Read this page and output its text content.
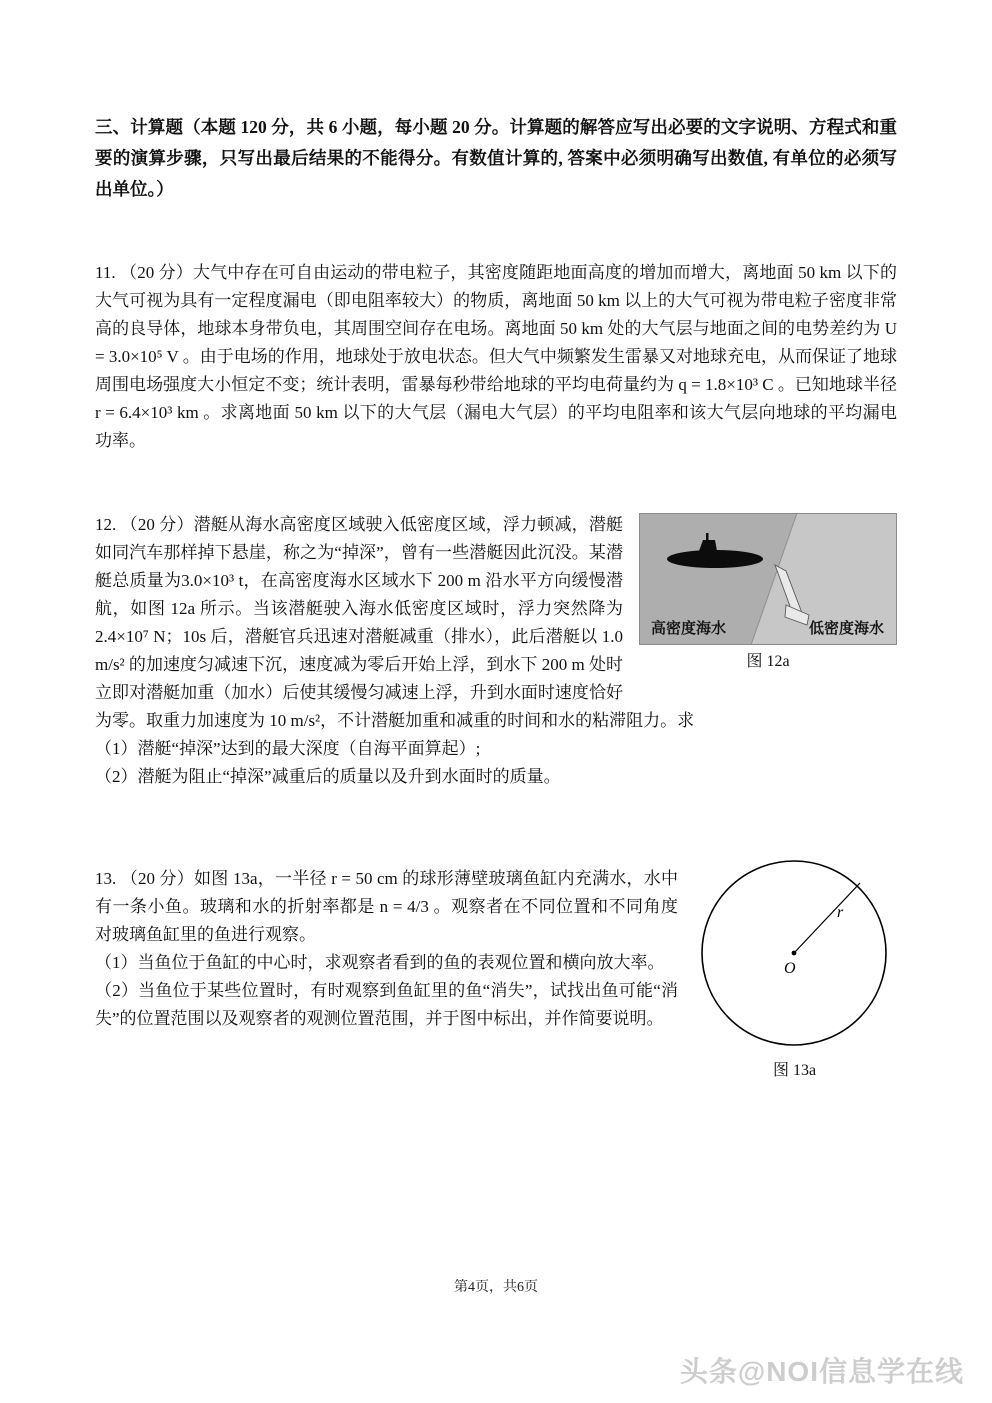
三、计算题（本题 120 分，共 6 小题，每小题 20 分。计算题的解答应写出必要的文字说明、方程式和重要的演算步骤，只写出最后结果的不能得分。有数值计算的, 答案中必须明确写出数值, 有单位的必须写出单位。）
11. （20 分）大气中存在可自由运动的带电粒子，其密度随距地面高度的增加而增大，离地面 50 km 以下的大气可视为具有一定程度漏电（即电阻率较大）的物质，离地面 50 km 以上的大气可视为带电粒子密度非常高的良导体，地球本身带负电，其周围空间存在电场。离地面 50 km 处的大气层与地面之间的电势差约为 U = 3.0×10⁵ V 。由于电场的作用，地球处于放电状态。但大气中频繁发生雷暴又对地球充电，从而保证了地球周围电场强度大小恒定不变；统计表明，雷暴每秒带给地球的平均电荷量约为 q = 1.8×10³ C 。已知地球半径 r = 6.4×10³ km 。求离地面 50 km 以下的大气层（漏电大气层）的平均电阻率和该大气层向地球的平均漏电功率。
高密度海水	低密度海水
图 12a
12. （20 分）潜艇从海水高密度区域驶入低密度区域，浮力顿减，潜艇如同汽车那样掉下悬崖，称之为“掉深”，曾有一些潜艇因此沉没。某潜艇总质量为3.0×10³ t，在高密度海水区域水下 200 m 沿水平方向缓慢潜航，如图 12a 所示。当该潜艇驶入海水低密度区域时，浮力突然降为 2.4×10⁷ N；10s 后，潜艇官兵迅速对潜艇减重（排水），此后潜艇以 1.0 m/s² 的加速度匀减速下沉，速度减为零后开始上浮，到水下 200 m 处时立即对潜艇加重（加水）后使其缓慢匀减速上浮，升到水面时速度恰好为零。取重力加速度为 10 m/s²，不计潜艇加重和减重的时间和水的粘滞阻力。求
（1）潜艇“掉深”达到的最大深度（自海平面算起）;
（2）潜艇为阻止“掉深”减重后的质量以及升到水面时的质量。
O
r
图 13a
13. （20 分）如图 13a，一半径 r = 50 cm 的球形薄壁玻璃鱼缸内充满水，水中有一条小鱼。玻璃和水的折射率都是 n = 4/3 。观察者在不同位置和不同角度对玻璃鱼缸里的鱼进行观察。
（1）当鱼位于鱼缸的中心时，求观察者看到的鱼的表观位置和横向放大率。
（2）当鱼位于某些位置时，有时观察到鱼缸里的鱼“消失”，试找出鱼可能“消失”的位置范围以及观察者的观测位置范围，并于图中标出，并作简要说明。
第4页，共6页
头条@NOI信息学在线
